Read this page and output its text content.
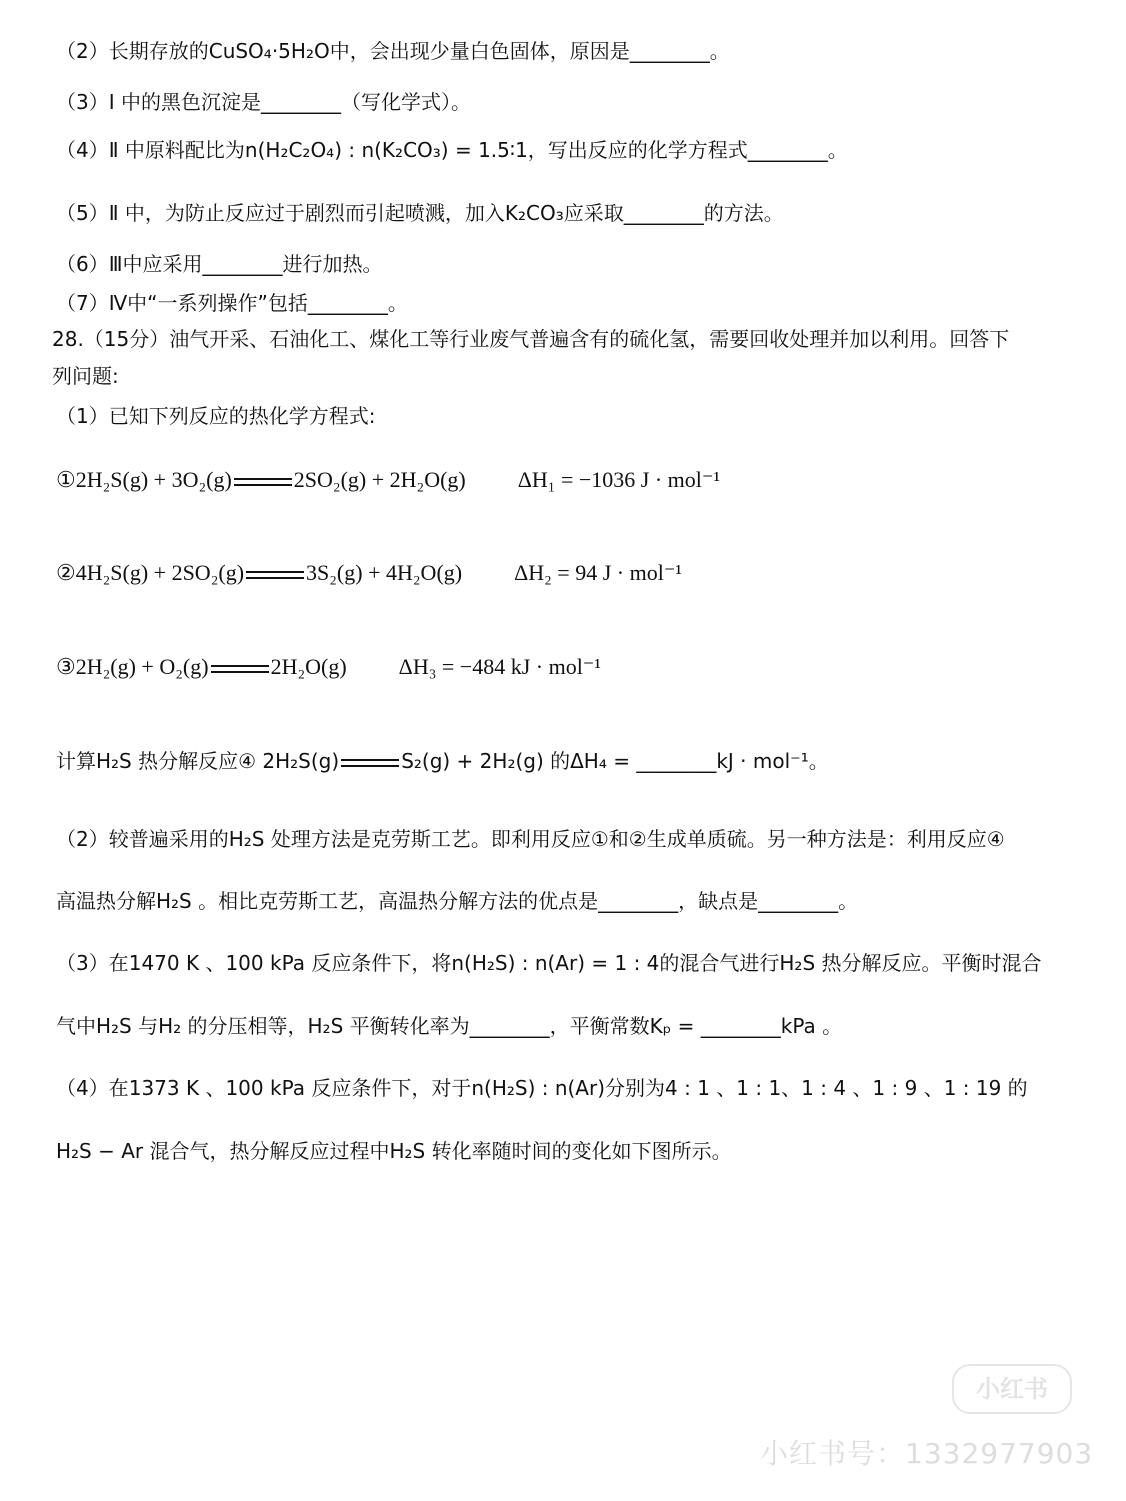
（2）长期存放的CuSO₄·5H₂O中，会出现少量白色固体，原因是________。
（3）Ⅰ 中的黑色沉淀是________（写化学式）。
（4）Ⅱ 中原料配比为n(H₂C₂O₄) : n(K₂CO₃) = 1.5∶1，写出反应的化学方程式________。
（5）Ⅱ 中，为防止反应过于剧烈而引起喷溅，加入K₂CO₃应采取________的方法。
（6）Ⅲ中应采用________进行加热。
（7）Ⅳ中“一系列操作”包括________。
28.（15分）油气开采、石油化工、煤化工等行业废气普遍含有的硫化氢，需要回收处理并加以利用。回答下
列问题:
（1）已知下列反应的热化学方程式:
①2H₂S(g) + 3O₂(g)	2SO₂(g) + 2H₂O(g) ΔH₁ = −1036 J · mol⁻¹
②4H₂S(g) + 2SO₂(g)	3S₂(g) + 4H₂O(g) ΔH₂ = 94 J · mol⁻¹
③2H₂(g) + O₂(g)	2H₂O(g) ΔH₃ = −484 kJ · mol⁻¹
计算H₂S 热分解反应④ 2H₂S(g)	S₂(g) + 2H₂(g) 的ΔH₄ = ________kJ · mol⁻¹。
（2）较普遍采用的H₂S 处理方法是克劳斯工艺。即利用反应①和②生成单质硫。另一种方法是：利用反应④
高温热分解H₂S 。相比克劳斯工艺，高温热分解方法的优点是________，缺点是________。
（3）在1470 K 、100 kPa 反应条件下，将n(H₂S) : n(Ar) = 1 : 4的混合气进行H₂S 热分解反应。平衡时混合
气中H₂S 与H₂ 的分压相等，H₂S 平衡转化率为________，平衡常数Kₚ = ________kPa 。
（4）在1373 K 、100 kPa 反应条件下，对于n(H₂S) : n(Ar)分别为4 : 1 、1 : 1、1 : 4 、1 : 9 、1 : 19 的
H₂S − Ar 混合气，热分解反应过程中H₂S 转化率随时间的变化如下图所示。
小红书
小红书号：1332977903
